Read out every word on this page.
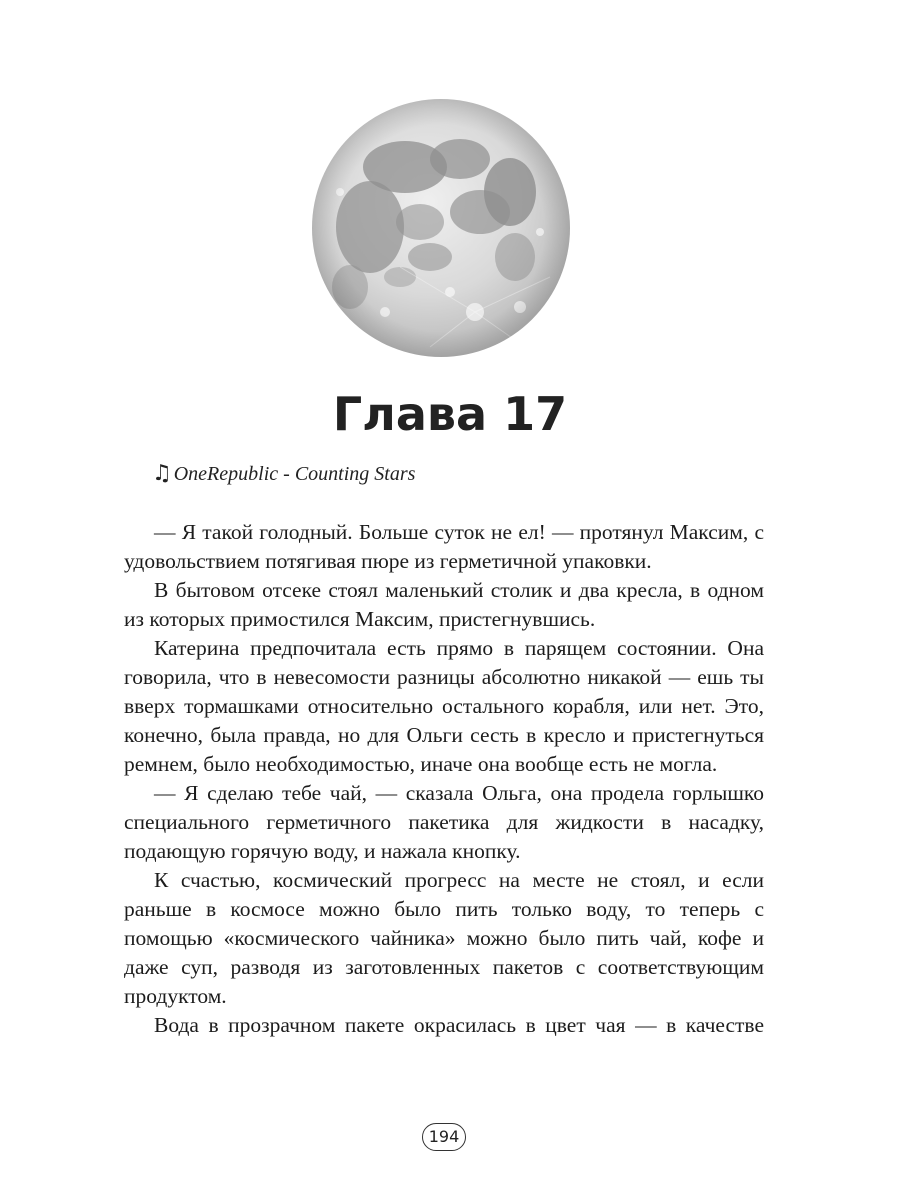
Глава 17
♫ OneRepublic - Counting Stars

— Я такой голодный. Больше суток не ел! — протянул Максим, с удовольствием потягивая пюре из герметичной упаковки.

В бытовом отсеке стоял маленький столик и два кресла, в одном из которых примостился Максим, пристегнувшись.

Катерина предпочитала есть прямо в парящем состоянии. Она говорила, что в невесомости разницы абсолютно никакой — ешь ты вверх тормашками относительно остального корабля, или нет. Это, конечно, была правда, но для Ольги сесть в кресло и пристегнуться ремнем, было необходимостью, иначе она вообще есть не могла.

— Я сделаю тебе чай, — сказала Ольга, она продела горлышко специального герметичного пакетика для жидкости в насадку, подающую горячую воду, и нажала кнопку.

К счастью, космический прогресс на месте не стоял, и если раньше в космосе можно было пить только воду, то теперь с помощью «космического чайника» можно было пить чай, кофе и даже суп, разводя из заготовленных пакетов с соответствующим продуктом.

Вода в прозрачном пакете окрасилась в цвет чая — в качестве

194
